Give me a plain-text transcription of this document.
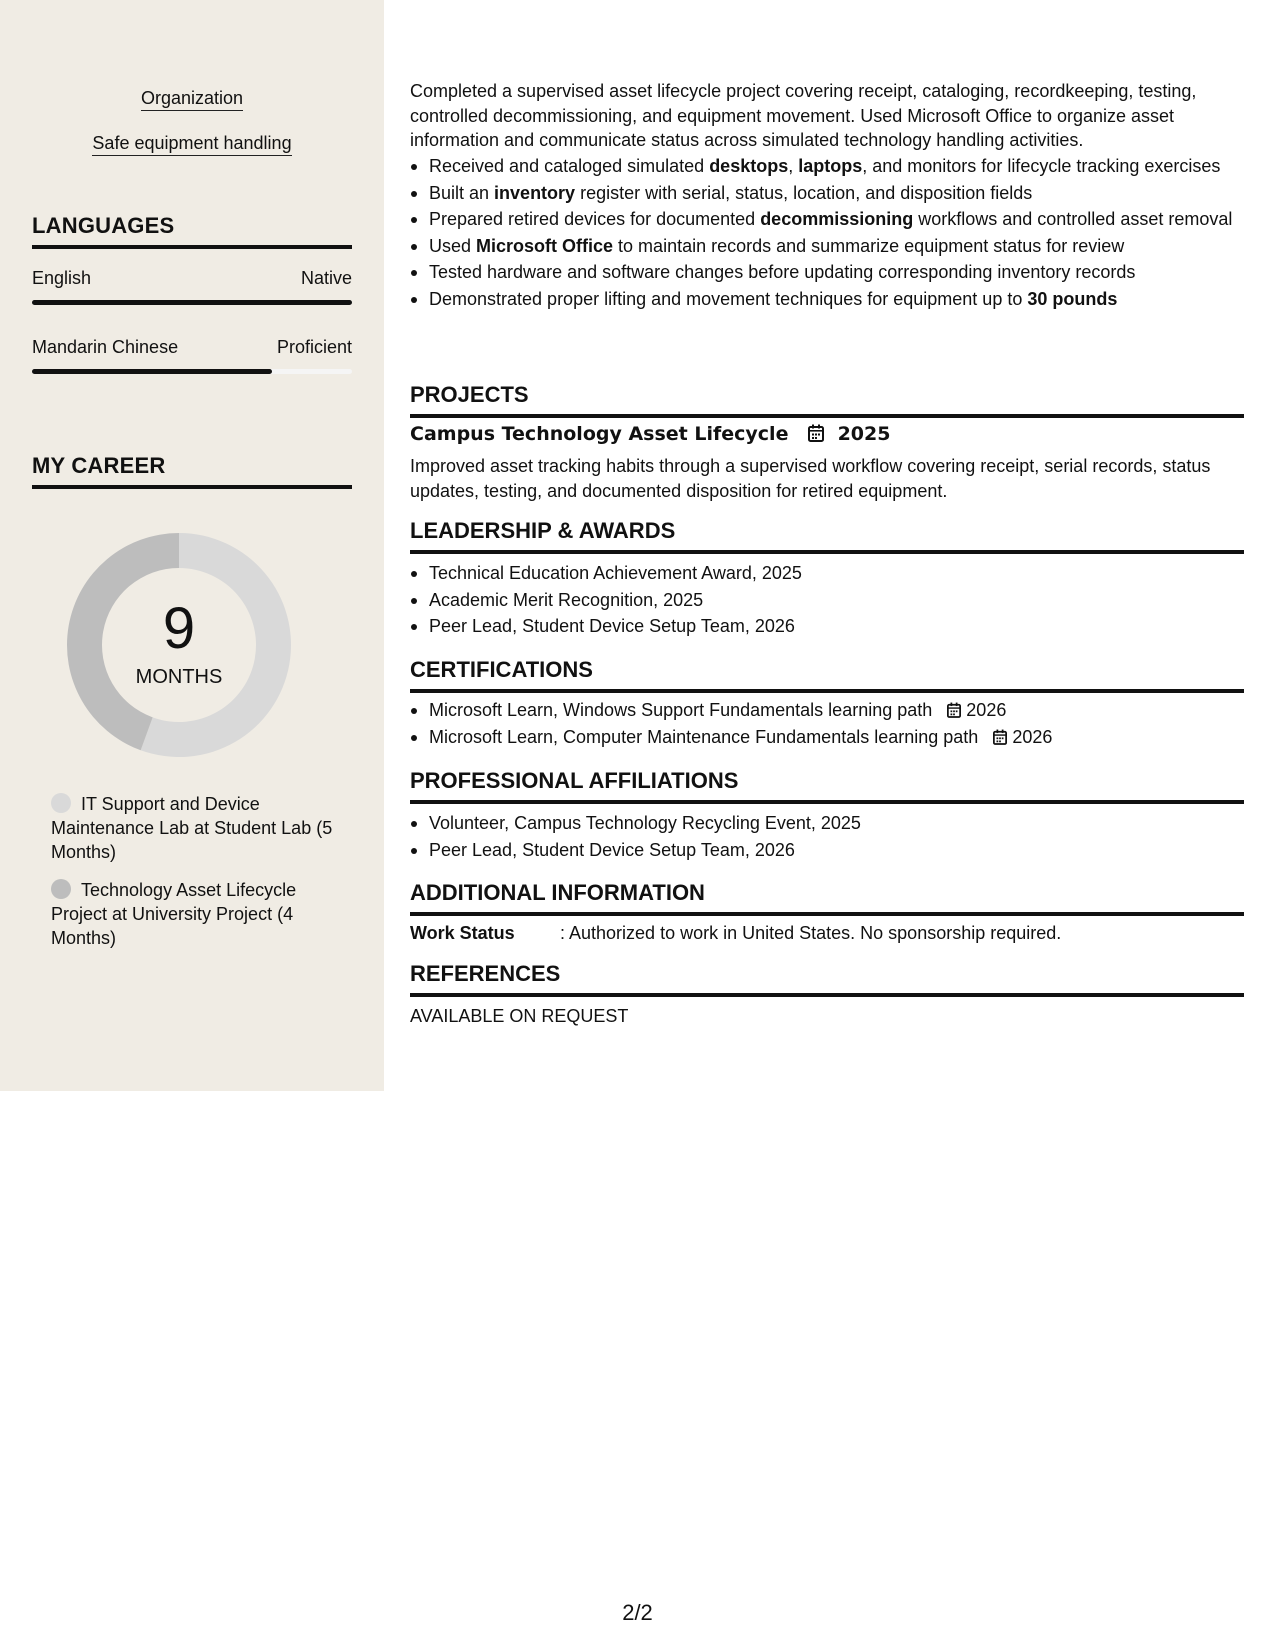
Organization
Safe equipment handling
LANGUAGES
English	Native
Mandarin Chinese	Proficient
MY CAREER
9
MONTHS
IT Support and Device Maintenance Lab at Student Lab (5 Months)
Technology Asset Lifecycle Project at University Project (4 Months)
Completed a supervised asset lifecycle project covering receipt, cataloging, recordkeeping, testing, controlled decommissioning, and equipment movement. Used Microsoft Office to organize asset information and communicate status across simulated technology handling activities.
Received and cataloged simulated desktops, laptops, and monitors for lifecycle tracking exercises
Built an inventory register with serial, status, location, and disposition fields
Prepared retired devices for documented decommissioning workflows and controlled asset removal
Used Microsoft Office to maintain records and summarize equipment status for review
Tested hardware and software changes before updating corresponding inventory records
Demonstrated proper lifting and movement techniques for equipment up to 30 pounds
PROJECTS
Campus Technology Asset Lifecycle	2025
Improved asset tracking habits through a supervised workflow covering receipt, serial records, status updates, testing, and documented disposition for retired equipment.
LEADERSHIP & AWARDS
Technical Education Achievement Award, 2025
Academic Merit Recognition, 2025
Peer Lead, Student Device Setup Team, 2026
CERTIFICATIONS
Microsoft Learn, Windows Support Fundamentals learning path 2026
Microsoft Learn, Computer Maintenance Fundamentals learning path 2026
PROFESSIONAL AFFILIATIONS
Volunteer, Campus Technology Recycling Event, 2025
Peer Lead, Student Device Setup Team, 2026
ADDITIONAL INFORMATION
Work Status	: Authorized to work in United States. No sponsorship required.
REFERENCES
AVAILABLE ON REQUEST
2/2
